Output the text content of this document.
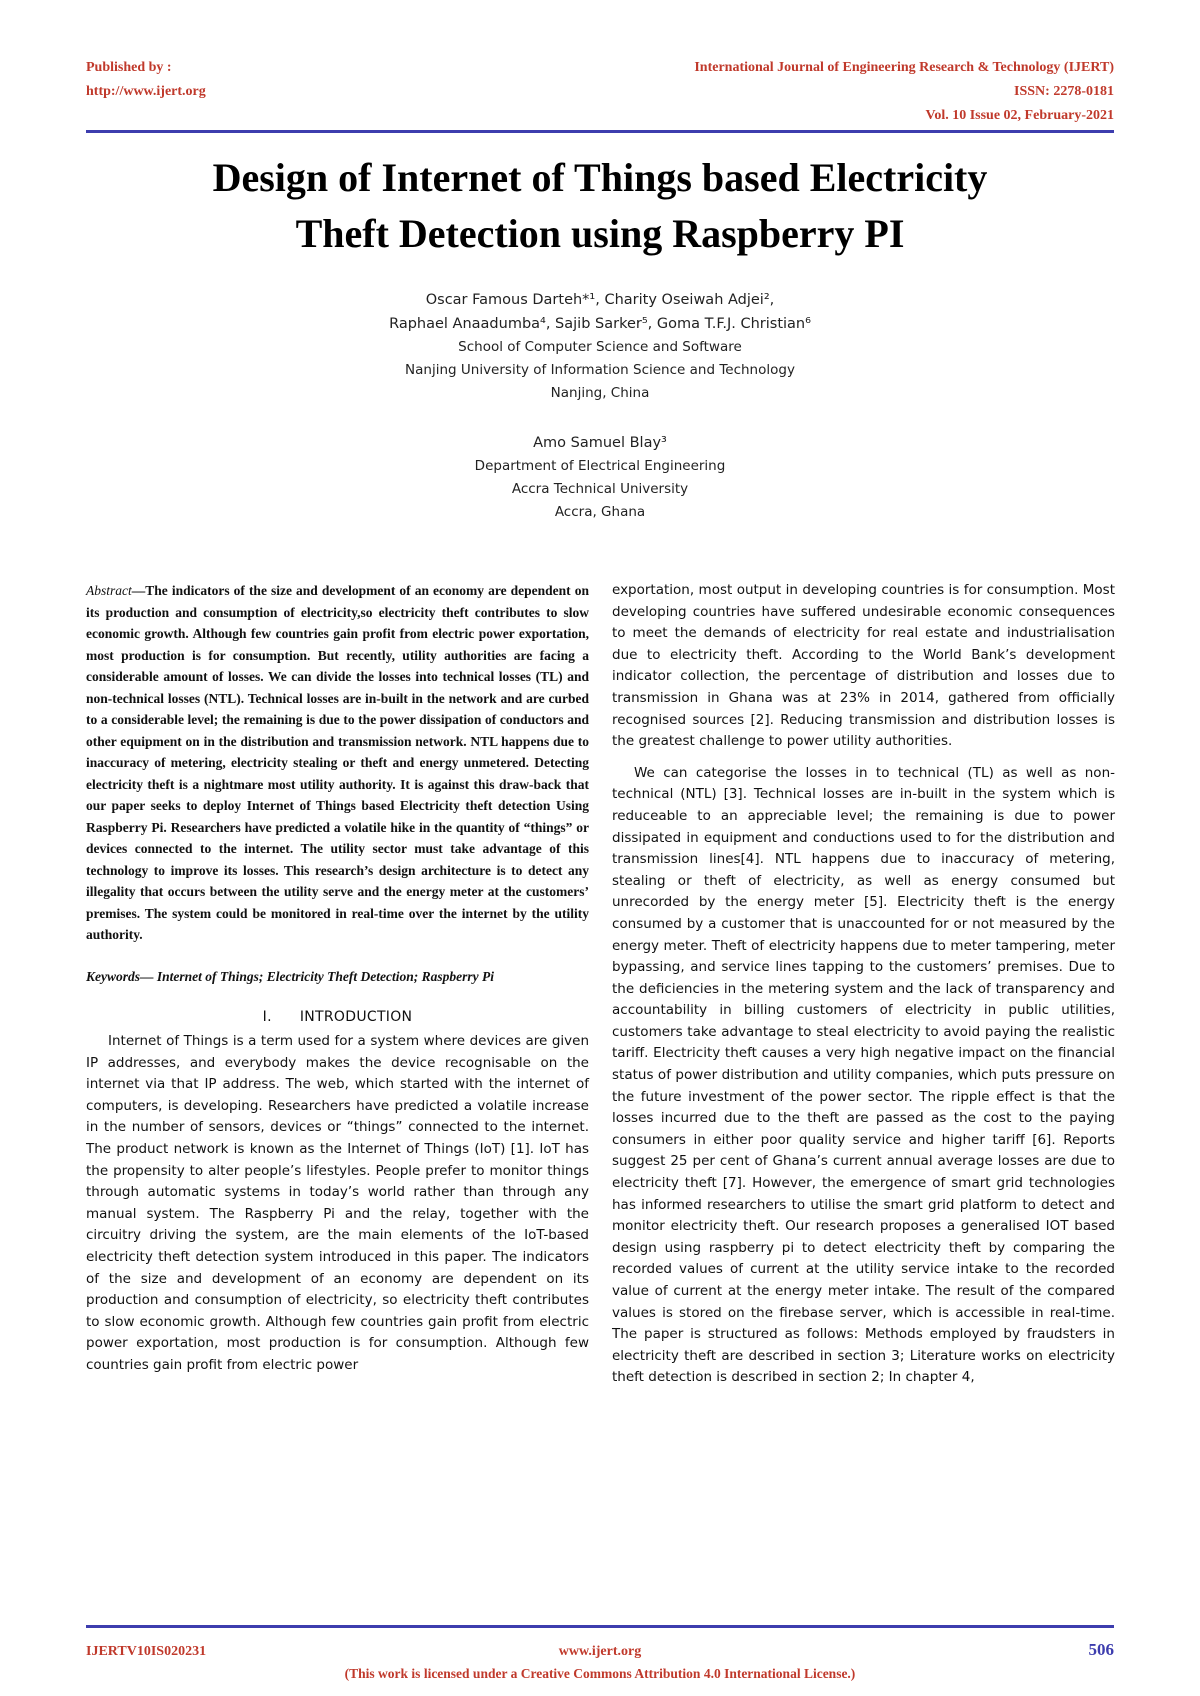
Published by :
http://www.ijert.org
International Journal of Engineering Research & Technology (IJERT)
ISSN: 2278-0181
Vol. 10 Issue 02, February-2021
Design of Internet of Things based Electricity
Theft Detection using Raspberry PI
Oscar Famous Darteh*¹, Charity Oseiwah Adjei²,
Raphael Anaadumba⁴, Sajib Sarker⁵, Goma T.F.J. Christian⁶
School of Computer Science and Software
Nanjing University of Information Science and Technology
Nanjing, China
Amo Samuel Blay³
Department of Electrical Engineering
Accra Technical University
Accra, Ghana

Abstract—The indicators of the size and development of an economy are dependent on its production and consumption of electricity,so electricity theft contributes to slow economic growth. Although few countries gain profit from electric power exportation, most production is for consumption. But recently, utility authorities are facing a considerable amount of losses. We can divide the losses into technical losses (TL) and non-technical losses (NTL). Technical losses are in-built in the network and are curbed to a considerable level; the remaining is due to the power dissipation of conductors and other equipment on in the distribution and transmission network. NTL happens due to inaccuracy of metering, electricity stealing or theft and energy unmetered. Detecting electricity theft is a nightmare most utility authority. It is against this draw-back that our paper seeks to deploy Internet of Things based Electricity theft detection Using Raspberry Pi. Researchers have predicted a volatile hike in the quantity of “things” or devices connected to the internet. The utility sector must take advantage of this technology to improve its losses. This research’s design architecture is to detect any illegality that occurs between the utility serve and the energy meter at the customers’ premises. The system could be monitored in real-time over the internet by the utility authority.

Keywords— Internet of Things; Electricity Theft Detection; Raspberry Pi

I. INTRODUCTION

Internet of Things is a term used for a system where devices are given IP addresses, and everybody makes the device recognisable on the internet via that IP address. The web, which started with the internet of computers, is developing. Researchers have predicted a volatile increase in the number of sensors, devices or “things” connected to the internet. The product network is known as the Internet of Things (IoT) [1]. IoT has the propensity to alter people’s lifestyles. People prefer to monitor things through automatic systems in today’s world rather than through any manual system. The Raspberry Pi and the relay, together with the circuitry driving the system, are the main elements of the IoT-based electricity theft detection system introduced in this paper. The indicators of the size and development of an economy are dependent on its production and consumption of electricity, so electricity theft contributes to slow economic growth. Although few countries gain profit from electric power exportation, most production is for consumption. Although few countries gain profit from electric power

exportation, most output in developing countries is for consumption. Most developing countries have suffered undesirable economic consequences to meet the demands of electricity for real estate and industrialisation due to electricity theft. According to the World Bank’s development indicator collection, the percentage of distribution and losses due to transmission in Ghana was at 23% in 2014, gathered from officially recognised sources [2]. Reducing transmission and distribution losses is the greatest challenge to power utility authorities.

We can categorise the losses in to technical (TL) as well as non-technical (NTL) [3]. Technical losses are in-built in the system which is reduceable to an appreciable level; the remaining is due to power dissipated in equipment and conductions used to for the distribution and transmission lines[4]. NTL happens due to inaccuracy of metering, stealing or theft of electricity, as well as energy consumed but unrecorded by the energy meter [5]. Electricity theft is the energy consumed by a customer that is unaccounted for or not measured by the energy meter. Theft of electricity happens due to meter tampering, meter bypassing, and service lines tapping to the customers’ premises. Due to the deficiencies in the metering system and the lack of transparency and accountability in billing customers of electricity in public utilities, customers take advantage to steal electricity to avoid paying the realistic tariff. Electricity theft causes a very high negative impact on the financial status of power distribution and utility companies, which puts pressure on the future investment of the power sector. The ripple effect is that the losses incurred due to the theft are passed as the cost to the paying consumers in either poor quality service and higher tariff [6]. Reports suggest 25 per cent of Ghana’s current annual average losses are due to electricity theft [7]. However, the emergence of smart grid technologies has informed researchers to utilise the smart grid platform to detect and monitor electricity theft. Our research proposes a generalised IOT based design using raspberry pi to detect electricity theft by comparing the recorded values of current at the utility service intake to the recorded value of current at the energy meter intake. The result of the compared values is stored on the firebase server, which is accessible in real-time. The paper is structured as follows: Methods employed by fraudsters in electricity theft are described in section 3; Literature works on electricity theft detection is described in section 2; In chapter 4,

IJERTV10IS020231	www.ijert.org	506
(This work is licensed under a Creative Commons Attribution 4.0 International License.)
